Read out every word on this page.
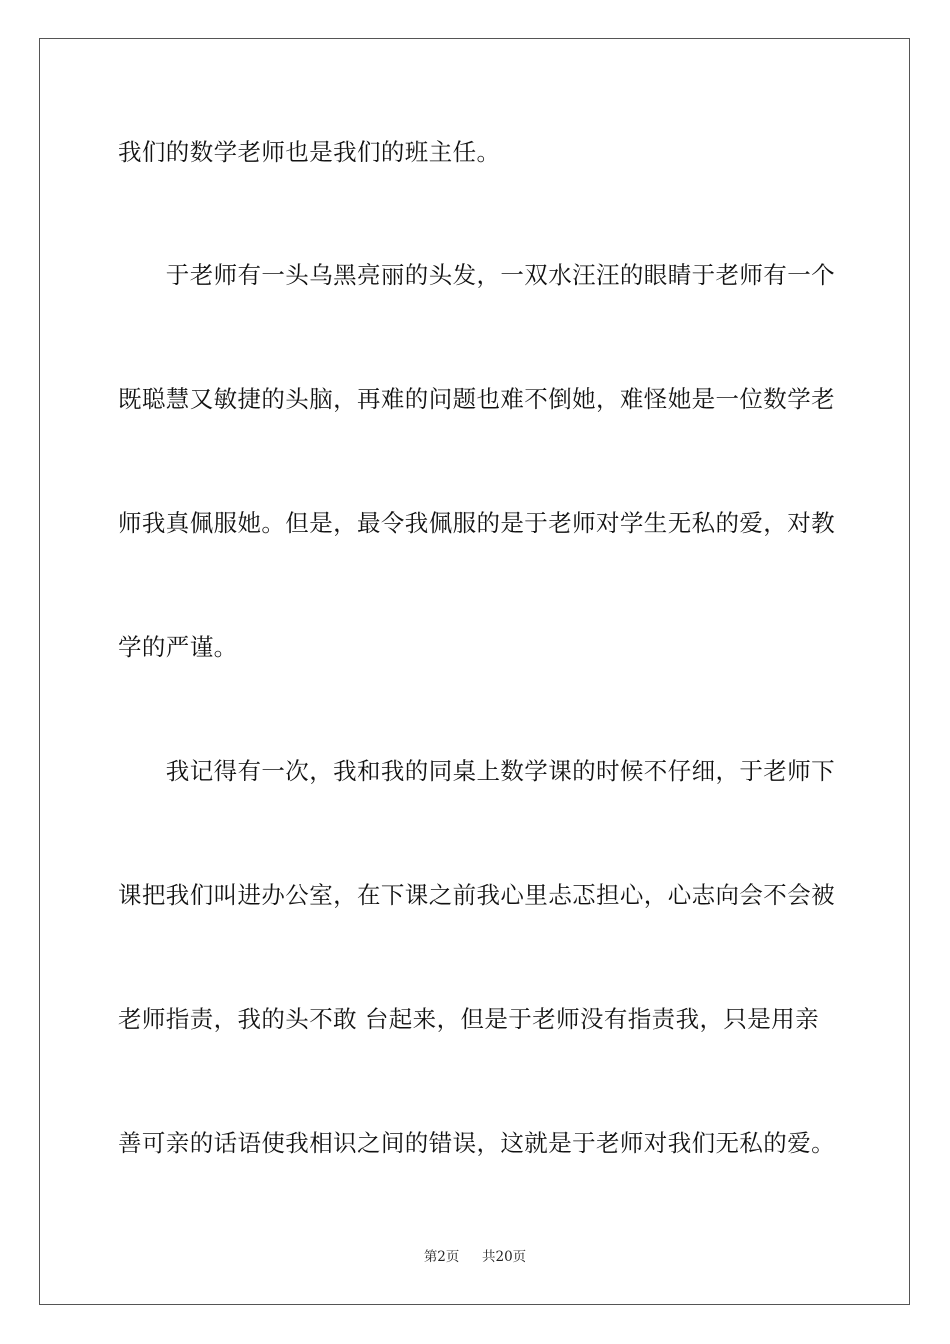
我们的数学老师也是我们的班主任。
　　于老师有一头乌黑亮丽的头发，一双水汪汪的眼睛于老师有一个
既聪慧又敏捷的头脑，再难的问题也难不倒她，难怪她是一位数学老
师我真佩服她。但是，最令我佩服的是于老师对学生无私的爱，对教
学的严谨。
　　我记得有一次，我和我的同桌上数学课的时候不仔细，于老师下
课把我们叫进办公室，在下课之前我心里忐忑担心，心志向会不会被
老师指责，我的头不敢 台起来，但是于老师没有指责我，只是用亲
善可亲的话语使我相识之间的错误，这就是于老师对我们无私的爱。
第2页 共20页
